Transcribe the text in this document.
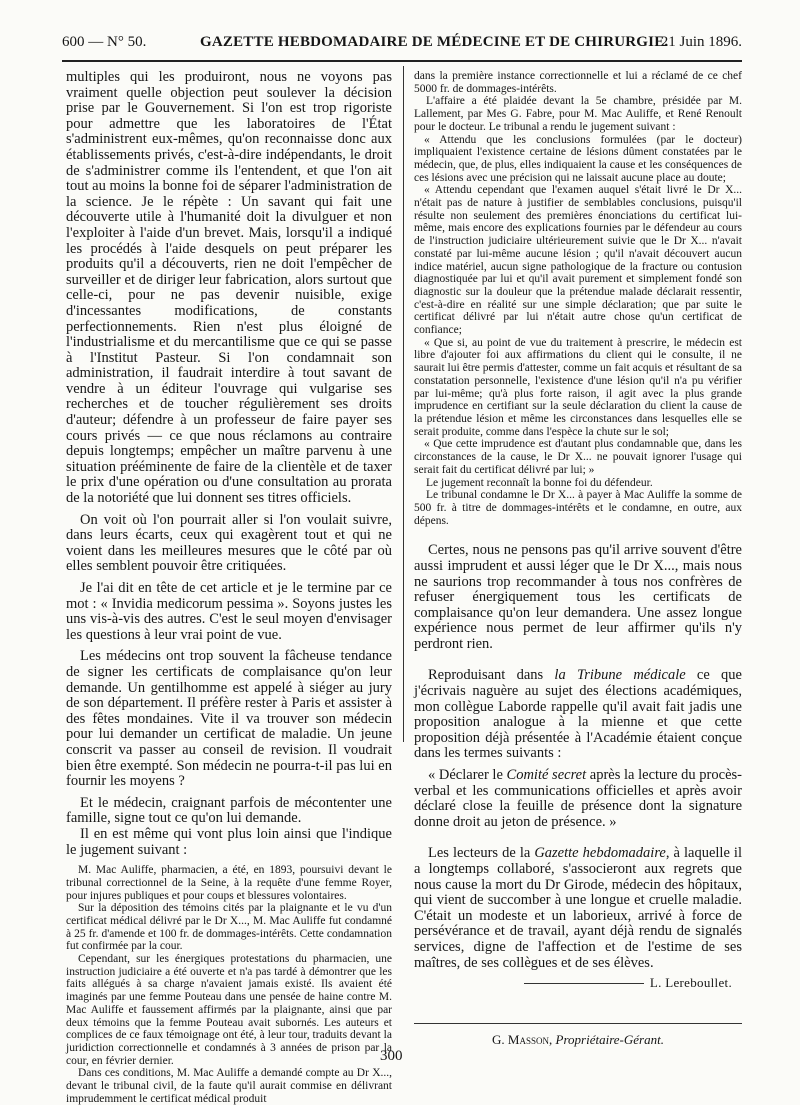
600 — N° 50.	GAZETTE HEBDOMADAIRE DE MÉDECINE ET DE CHIRURGIE.
21 Juin 1896.

multiples qui les produiront, nous ne voyons pas vraiment quelle objection peut soulever la décision prise par le Gouvernement. Si l'on est trop rigoriste pour admettre que les laboratoires de l'État s'administrent eux-mêmes, qu'on reconnaisse donc aux établissements privés, c'est-à-dire indépendants, le droit de s'administrer comme ils l'entendent, et que l'on ait tout au moins la bonne foi de séparer l'administration de la science. Je le répète : Un savant qui fait une découverte utile à l'humanité doit la divulguer et non l'exploiter à l'aide d'un brevet. Mais, lorsqu'il a indiqué les procédés à l'aide desquels on peut préparer les produits qu'il a découverts, rien ne doit l'empêcher de surveiller et de diriger leur fabrication, alors surtout que celle-ci, pour ne pas devenir nuisible, exige d'incessantes modifications, de constants perfectionnements. Rien n'est plus éloigné de l'industrialisme et du mercantilisme que ce qui se passe à l'Institut Pasteur. Si l'on condamnait son administration, il faudrait interdire à tout savant de vendre à un éditeur l'ouvrage qui vulgarise ses recherches et de toucher régulièrement ses droits d'auteur; défendre à un professeur de faire payer ses cours privés — ce que nous réclamons au contraire depuis longtemps; empêcher un maître parvenu à une situation prééminente de faire de la clientèle et de taxer le prix d'une opération ou d'une consultation au prorata de la notoriété que lui donnent ses titres officiels.

On voit où l'on pourrait aller si l'on voulait suivre, dans leurs écarts, ceux qui exagèrent tout et qui ne voient dans les meilleures mesures que le côté par où elles semblent pouvoir être critiquées.

Je l'ai dit en tête de cet article et je le termine par ce mot : « Invidia medicorum pessima ». Soyons justes les uns vis-à-vis des autres. C'est le seul moyen d'envisager les questions à leur vrai point de vue.

Les médecins ont trop souvent la fâcheuse tendance de signer les certificats de complaisance qu'on leur demande. Un gentilhomme est appelé à siéger au jury de son département. Il préfère rester à Paris et assister à des fêtes mondaines. Vite il va trouver son médecin pour lui demander un certificat de maladie. Un jeune conscrit va passer au conseil de revision. Il voudrait bien être exempté. Son médecin ne pourra-t-il pas lui en fournir les moyens ?

Et le médecin, craignant parfois de mécontenter une famille, signe tout ce qu'on lui demande.

Il en est même qui vont plus loin ainsi que l'indique le jugement suivant :

M. Mac Auliffe, pharmacien, a été, en 1893, poursuivi devant le tribunal correctionnel de la Seine, à la requête d'une femme Royer, pour injures publiques et pour coups et blessures volontaires.

Sur la déposition des témoins cités par la plaignante et le vu d'un certificat médical délivré par le Dr X..., M. Mac Auliffe fut condamné à 25 fr. d'amende et 100 fr. de dommages-intérêts. Cette condamnation fut confirmée par la cour.

Cependant, sur les énergiques protestations du pharmacien, une instruction judiciaire a été ouverte et n'a pas tardé à démontrer que les faits allégués à sa charge n'avaient jamais existé. Ils avaient été imaginés par une femme Pouteau dans une pensée de haine contre M. Mac Auliffe et faussement affirmés par la plaignante, ainsi que par deux témoins que la femme Pouteau avait subornés. Les auteurs et complices de ce faux témoignage ont été, à leur tour, traduits devant la juridiction correctionnelle et condamnés à 3 années de prison par la cour, en février dernier.

Dans ces conditions, M. Mac Auliffe a demandé compte au Dr X..., devant le tribunal civil, de la faute qu'il aurait commise en délivrant imprudemment le certificat médical produit

dans la première instance correctionnelle et lui a réclamé de ce chef 5000 fr. de dommages-intérêts.

L'affaire a été plaidée devant la 5e chambre, présidée par M. Lallement, par Mes G. Fabre, pour M. Mac Auliffe, et René Renoult pour le docteur. Le tribunal a rendu le jugement suivant :

« Attendu que les conclusions formulées (par le docteur) impliquaient l'existence certaine de lésions dûment constatées par le médecin, que, de plus, elles indiquaient la cause et les conséquences de ces lésions avec une précision qui ne laissait aucune place au doute;

« Attendu cependant que l'examen auquel s'était livré le Dr X... n'était pas de nature à justifier de semblables conclusions, puisqu'il résulte non seulement des premières énonciations du certificat lui-même, mais encore des explications fournies par le défendeur au cours de l'instruction judiciaire ultérieurement suivie que le Dr X... n'avait constaté par lui-même aucune lésion ; qu'il n'avait découvert aucun indice matériel, aucun signe pathologique de la fracture ou contusion diagnostiquée par lui et qu'il avait purement et simplement fondé son diagnostic sur la douleur que la prétendue malade déclarait ressentir, c'est-à-dire en réalité sur une simple déclaration; que par suite le certificat délivré par lui n'était autre chose qu'un certificat de confiance;

« Que si, au point de vue du traitement à prescrire, le médecin est libre d'ajouter foi aux affirmations du client qui le consulte, il ne saurait lui être permis d'attester, comme un fait acquis et résultant de sa constatation personnelle, l'existence d'une lésion qu'il n'a pu vérifier par lui-même; qu'à plus forte raison, il agit avec la plus grande imprudence en certifiant sur la seule déclaration du client la cause de la prétendue lésion et même les circonstances dans lesquelles elle se serait produite, comme dans l'espèce la chute sur le sol;

« Que cette imprudence est d'autant plus condamnable que, dans les circonstances de la cause, le Dr X... ne pouvait ignorer l'usage qui serait fait du certificat délivré par lui; »

Le jugement reconnaît la bonne foi du défendeur.

Le tribunal condamne le Dr X... à payer à Mac Auliffe la somme de 500 fr. à titre de dommages-intérêts et le condamne, en outre, aux dépens.

Certes, nous ne pensons pas qu'il arrive souvent d'être aussi imprudent et aussi léger que le Dr X..., mais nous ne saurions trop recommander à tous nos confrères de refuser énergiquement tous les certificats de complaisance qu'on leur demandera. Une assez longue expérience nous permet de leur affirmer qu'ils n'y perdront rien.

Reproduisant dans la Tribune médicale ce que j'écrivais naguère au sujet des élections académiques, mon collègue Laborde rappelle qu'il avait fait jadis une proposition analogue à la mienne et que cette proposition déjà présentée à l'Académie étaient conçue dans les termes suivants :

« Déclarer le Comité secret après la lecture du procès-verbal et les communications officielles et après avoir déclaré close la feuille de présence dont la signature donne droit au jeton de présence. »

Les lecteurs de la Gazette hebdomadaire, à laquelle il a longtemps collaboré, s'associeront aux regrets que nous cause la mort du Dr Girode, médecin des hôpitaux, qui vient de succomber à une longue et cruelle maladie. C'était un modeste et un laborieux, arrivé à force de persévérance et de travail, ayant déjà rendu de signalés services, digne de l'affection et de l'estime de ses maîtres, de ses collègues et de ses élèves.

L. Lereboullet.
G. Masson, Propriétaire-Gérant.
300
